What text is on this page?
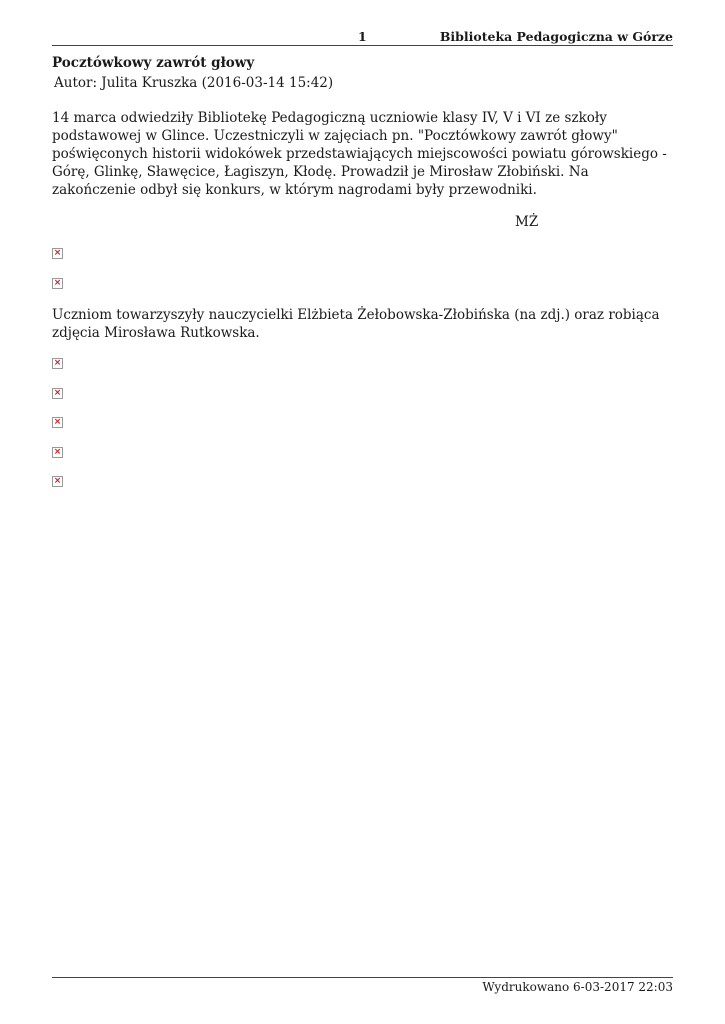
1	Biblioteka Pedagogiczna w Górze
Pocztówkowy zawrót głowy
Autor: Julita Kruszka (2016-03-14 15:42)

14 marca odwiedziły Bibliotekę Pedagogiczną uczniowie klasy IV, V i VI ze szkoły podstawowej w Glince. Uczestniczyli w zajęciach pn. "Pocztówkowy zawrót głowy" poświęconych historii widokówek przedstawiających miejscowości powiatu górowskiego - Górę, Glinkę, Sławęcice, Łagiszyn, Kłodę. Prowadził je Mirosław Złobiński. Na zakończenie odbył się konkurs, w którym nagrodami były przewodniki.

MŻ
×
×

Uczniom towarzyszyły nauczycielki Elżbieta Żełobowska-Złobińska (na zdj.) oraz robiąca zdjęcia Mirosława Rutkowska.

×
×
×
×
×
Wydrukowano 6-03-2017 22:03
